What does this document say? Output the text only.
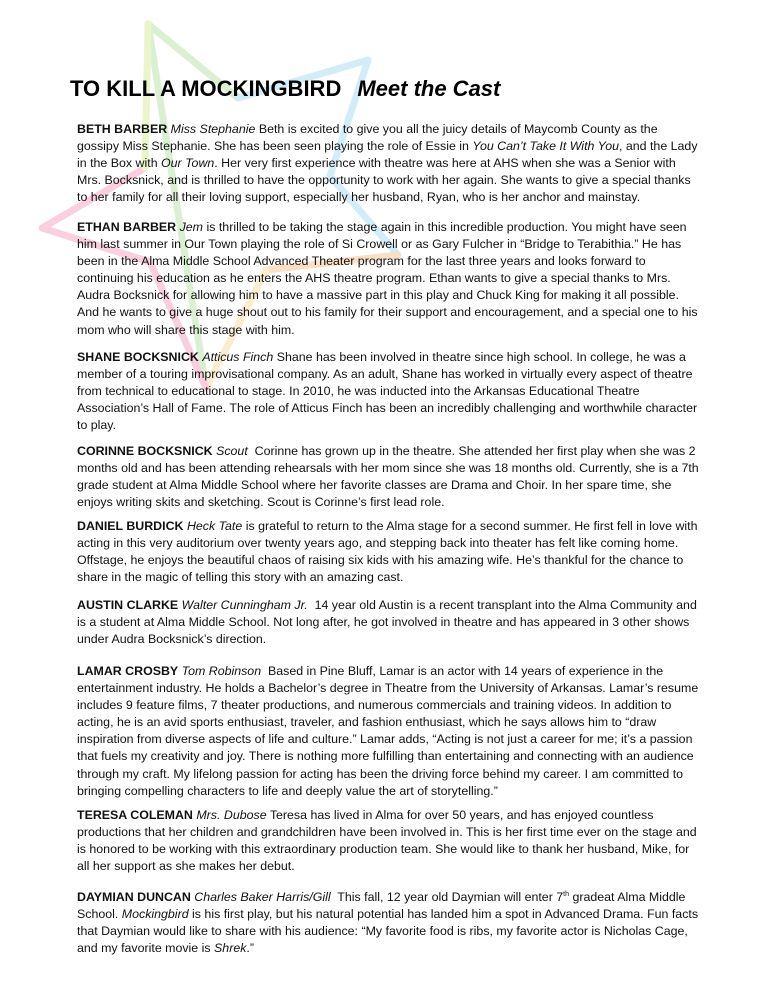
TO KILL A MOCKINGBIRD Meet the Cast

BETH BARBER Miss Stephanie Beth is excited to give you all the juicy details of Maycomb County as the gossipy Miss Stephanie. She has been seen playing the role of Essie in You Can’t Take It With You, and the Lady in the Box with Our Town. Her very first experience with theatre was here at AHS when she was a Senior with Mrs. Bocksnick, and is thrilled to have the opportunity to work with her again. She wants to give a special thanks to her family for all their loving support, especially her husband, Ryan, who is her anchor and mainstay.

ETHAN BARBER Jem is thrilled to be taking the stage again in this incredible production. You might have seen him last summer in Our Town playing the role of Si Crowell or as Gary Fulcher in “Bridge to Terabithia.” He has been in the Alma Middle School Advanced Theater program for the last three years and looks forward to continuing his education as he enters the AHS theatre program. Ethan wants to give a special thanks to Mrs. Audra Bocksnick for allowing him to have a massive part in this play and Chuck King for making it all possible. And he wants to give a huge shout out to his family for their support and encouragement, and a special one to his mom who will share this stage with him.

SHANE BOCKSNICK Atticus Finch Shane has been involved in theatre since high school. In college, he was a member of a touring improvisational company. As an adult, Shane has worked in virtually every aspect of theatre from technical to educational to stage. In 2010, he was inducted into the Arkansas Educational Theatre Association’s Hall of Fame. The role of Atticus Finch has been an incredibly challenging and worthwhile character to play.

CORINNE BOCKSNICK Scout Corinne has grown up in the theatre. She attended her first play when she was 2 months old and has been attending rehearsals with her mom since she was 18 months old. Currently, she is a 7th grade student at Alma Middle School where her favorite classes are Drama and Choir. In her spare time, she enjoys writing skits and sketching. Scout is Corinne’s first lead role.

DANIEL BURDICK Heck Tate is grateful to return to the Alma stage for a second summer. He first fell in love with acting in this very auditorium over twenty years ago, and stepping back into theater has felt like coming home. Offstage, he enjoys the beautiful chaos of raising six kids with his amazing wife. He’s thankful for the chance to share in the magic of telling this story with an amazing cast.

AUSTIN CLARKE Walter Cunningham Jr. 14 year old Austin is a recent transplant into the Alma Community and is a student at Alma Middle School. Not long after, he got involved in theatre and has appeared in 3 other shows under Audra Bocksnick’s direction.

LAMAR CROSBY Tom Robinson Based in Pine Bluff, Lamar is an actor with 14 years of experience in the entertainment industry. He holds a Bachelor’s degree in Theatre from the University of Arkansas. Lamar’s resume includes 9 feature films, 7 theater productions, and numerous commercials and training videos. In addition to acting, he is an avid sports enthusiast, traveler, and fashion enthusiast, which he says allows him to “draw inspiration from diverse aspects of life and culture.” Lamar adds, “Acting is not just a career for me; it’s a passion that fuels my creativity and joy. There is nothing more fulfilling than entertaining and connecting with an audience through my craft. My lifelong passion for acting has been the driving force behind my career. I am committed to bringing compelling characters to life and deeply value the art of storytelling.”

TERESA COLEMAN Mrs. Dubose Teresa has lived in Alma for over 50 years, and has enjoyed countless productions that her children and grandchildren have been involved in. This is her first time ever on the stage and is honored to be working with this extraordinary production team. She would like to thank her husband, Mike, for all her support as she makes her debut.

DAYMIAN DUNCAN Charles Baker Harris/Gill This fall, 12 year old Daymian will enter 7th gradeat Alma Middle School. Mockingbird is his first play, but his natural potential has landed him a spot in Advanced Drama. Fun facts that Daymian would like to share with his audience: “My favorite food is ribs, my favorite actor is Nicholas Cage, and my favorite movie is Shrek.”
